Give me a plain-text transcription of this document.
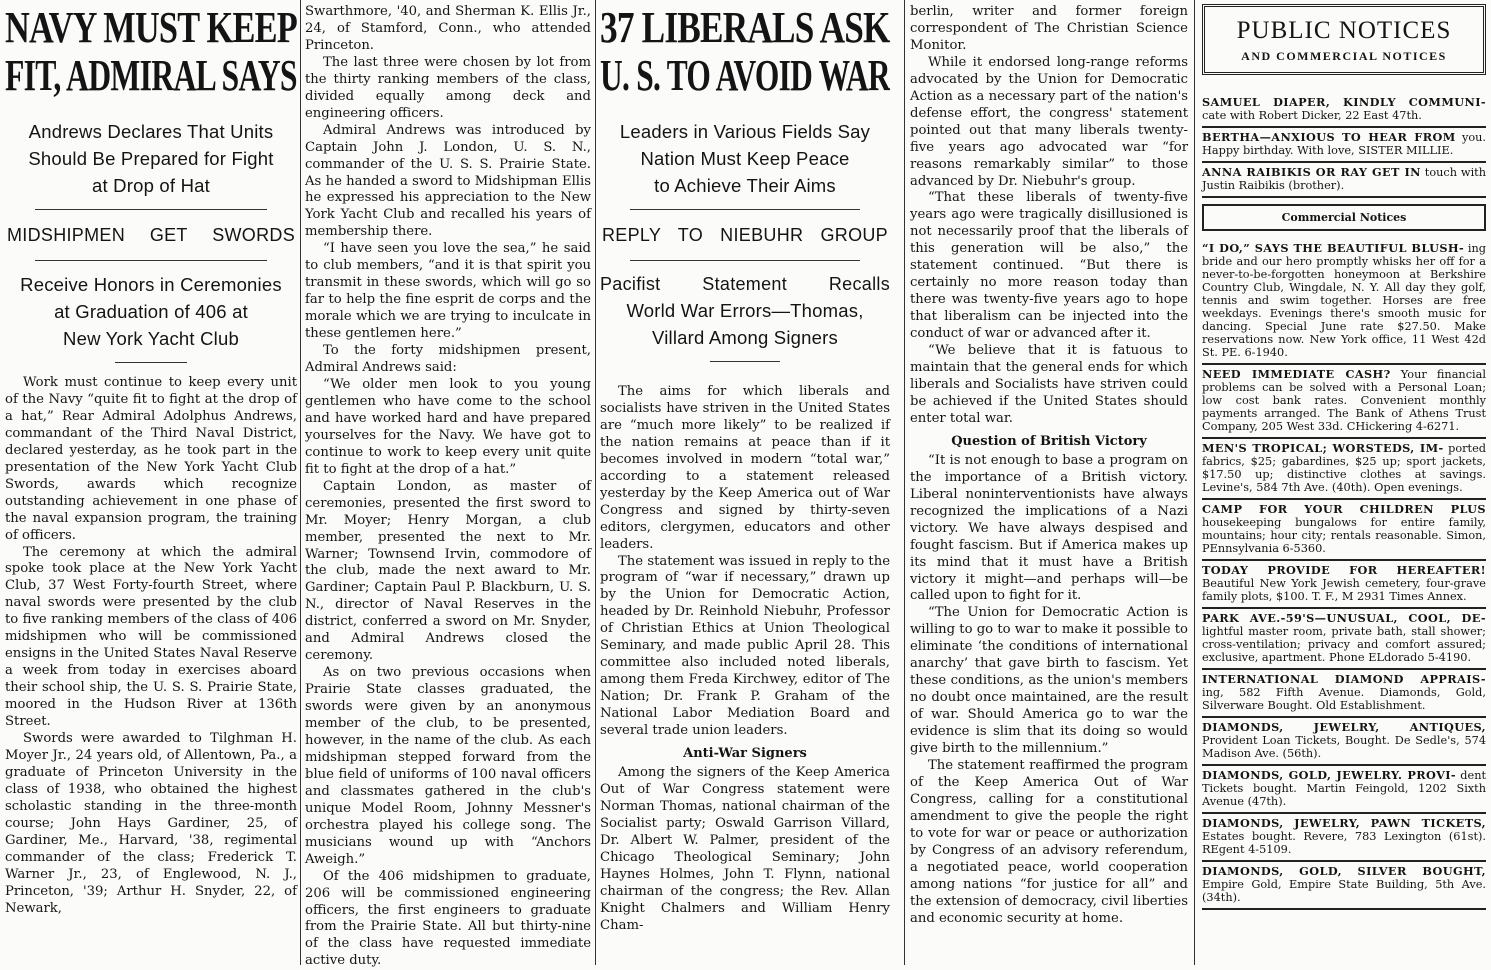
NAVY MUST KEEP
FIT, ADMIRAL SAYS
Andrews Declares That Units
Should Be Prepared for Fight
at Drop of Hat
MIDSHIPMEN GET SWORDS
Receive Honors in Ceremonies
at Graduation of 406 at
New York Yacht Club

Work must continue to keep every unit of the Navy “quite fit to fight at the drop of a hat,” Rear Admiral Adolphus Andrews, commandant of the Third Naval District, declared yesterday, as he took part in the presentation of the New York Yacht Club Swords, awards which recognize outstanding achievement in one phase of the naval expansion program, the training of officers.

The ceremony at which the admiral spoke took place at the New York Yacht Club, 37 West Forty-fourth Street, where naval swords were presented by the club to five ranking members of the class of 406 midshipmen who will be commissioned ensigns in the United States Naval Reserve a week from today in exercises aboard their school ship, the U. S. S. Prairie State, moored in the Hudson River at 136th Street.

Swords were awarded to Tilghman H. Moyer Jr., 24 years old, of Allentown, Pa., a graduate of Princeton University in the class of 1938, who obtained the highest scholastic standing in the three-month course; John Hays Gardiner, 25, of Gardiner, Me., Harvard, '38, regimental commander of the class; Frederick T. Warner Jr., 23, of Englewood, N. J., Princeton, '39; Arthur H. Snyder, 22, of Newark,

Swarthmore, '40, and Sherman K. Ellis Jr., 24, of Stamford, Conn., who attended Princeton.

The last three were chosen by lot from the thirty ranking members of the class, divided equally among deck and engineering officers.

Admiral Andrews was introduced by Captain John J. London, U. S. N., commander of the U. S. S. Prairie State. As he handed a sword to Midshipman Ellis he expressed his appreciation to the New York Yacht Club and recalled his years of membership there.

“I have seen you love the sea,” he said to club members, “and it is that spirit you transmit in these swords, which will go so far to help the fine esprit de corps and the morale which we are trying to inculcate in these gentlemen here.”

To the forty midshipmen present, Admiral Andrews said:

“We older men look to you young gentlemen who have come to the school and have worked hard and have prepared yourselves for the Navy. We have got to continue to work to keep every unit quite fit to fight at the drop of a hat.”

Captain London, as master of ceremonies, presented the first sword to Mr. Moyer; Henry Morgan, a club member, presented the next to Mr. Warner; Townsend Irvin, commodore of the club, made the next award to Mr. Gardiner; Captain Paul P. Blackburn, U. S. N., director of Naval Reserves in the district, conferred a sword on Mr. Snyder, and Admiral Andrews closed the ceremony.

As on two previous occasions when Prairie State classes graduated, the swords were given by an anonymous member of the club, to be presented, however, in the name of the club. As each midshipman stepped forward from the blue field of uniforms of 100 naval officers and classmates gathered in the club's unique Model Room, Johnny Messner's orchestra played his college song. The musicians wound up with “Anchors Aweigh.”

Of the 406 midshipmen to graduate, 206 will be commissioned engineering officers, the first engineers to graduate from the Prairie State. All but thirty-nine of the class have requested immediate active duty.

37 LIBERALS ASK
U. S. TO AVOID WAR
Leaders in Various Fields Say
Nation Must Keep Peace
to Achieve Their Aims
REPLY TO NIEBUHR GROUP
Pacifist Statement Recalls
World War Errors—Thomas,
Villard Among Signers

The aims for which liberals and socialists have striven in the United States are “much more likely” to be realized if the nation remains at peace than if it becomes involved in modern “total war,” according to a statement released yesterday by the Keep America out of War Congress and signed by thirty-seven editors, clergymen, educators and other leaders.

The statement was issued in reply to the program of “war if necessary,” drawn up by the Union for Democratic Action, headed by Dr. Reinhold Niebuhr, Professor of Christian Ethics at Union Theological Seminary, and made public April 28. This committee also included noted liberals, among them Freda Kirchwey, editor of The Nation; Dr. Frank P. Graham of the National Labor Mediation Board and several trade union leaders.

Anti-War Signers

Among the signers of the Keep America Out of War Congress statement were Norman Thomas, national chairman of the Socialist party; Oswald Garrison Villard, Dr. Albert W. Palmer, president of the Chicago Theological Seminary; John Haynes Holmes, John T. Flynn, national chairman of the congress; the Rev. Allan Knight Chalmers and William Henry Cham-

berlin, writer and former foreign correspondent of The Christian Science Monitor.

While it endorsed long-range reforms advocated by the Union for Democratic Action as a necessary part of the nation's defense effort, the congress' statement pointed out that many liberals twenty-five years ago advocated war “for reasons remarkably similar” to those advanced by Dr. Niebuhr's group.

“That these liberals of twenty-five years ago were tragically disillusioned is not necessarily proof that the liberals of this generation will be also,” the statement continued. “But there is certainly no more reason today than there was twenty-five years ago to hope that liberalism can be injected into the conduct of war or advanced after it.

“We believe that it is fatuous to maintain that the general ends for which liberals and Socialists have striven could be achieved if the United States should enter total war.

Question of British Victory

“It is not enough to base a program on the importance of a British victory. Liberal noninterventionists have always recognized the implications of a Nazi victory. We have always despised and fought fascism. But if America makes up its mind that it must have a British victory it might—and perhaps will—be called upon to fight for it.

“The Union for Democratic Action is willing to go to war to make it possible to eliminate ‘the conditions of international anarchy’ that gave birth to fascism. Yet these conditions, as the union's members no doubt once maintained, are the result of war. Should America go to war the evidence is slim that its doing so would give birth to the millennium.”

The statement reaffirmed the program of the Keep America Out of War Congress, calling for a constitutional amendment to give the people the right to vote for war or peace or authorization by Congress of an advisory referendum, a negotiated peace, world cooperation among nations “for justice for all” and the extension of democracy, civil liberties and economic security at home.

PUBLIC NOTICES
AND COMMERCIAL NOTICES
SAMUEL DIAPER, KINDLY COMMUNI- cate with Robert Dicker, 22 East 47th.
BERTHA—ANXIOUS TO HEAR FROM you. Happy birthday. With love, SISTER MILLIE.
ANNA RAIBIKIS OR RAY GET IN touch with Justin Raibikis (brother).
Commercial Notices
“I DO,” SAYS THE BEAUTIFUL BLUSH- ing bride and our hero promptly whisks her off for a never-to-be-forgotten honeymoon at Berkshire Country Club, Wingdale, N. Y. All day they golf, tennis and swim together. Horses are free weekdays. Evenings there's smooth music for dancing. Special June rate $27.50. Make reservations now. New York office, 11 West 42d St. PE. 6-1940.
NEED IMMEDIATE CASH? Your financial problems can be solved with a Personal Loan; low cost bank rates. Convenient monthly payments arranged. The Bank of Athens Trust Company, 205 West 33d. CHickering 4-6271.
MEN'S TROPICAL; WORSTEDS, IM- ported fabrics, $25; gabardines, $25 up; sport jackets, $17.50 up; distinctive clothes at savings. Levine's, 584 7th Ave. (40th). Open evenings.
CAMP FOR YOUR CHILDREN PLUS housekeeping bungalows for entire family, mountains; hour city; rentals reasonable. Simon, PEnnsylvania 6-5360.
TODAY PROVIDE FOR HEREAFTER! Beautiful New York Jewish cemetery, four-grave family plots, $100. T. F., M 2931 Times Annex.
PARK AVE.-59'S—UNUSUAL, COOL, DE- lightful master room, private bath, stall shower; cross-ventilation; privacy and comfort assured; exclusive, apartment. Phone ELdorado 5-4190.
INTERNATIONAL DIAMOND APPRAIS- ing, 582 Fifth Avenue. Diamonds, Gold, Silverware Bought. Old Establishment.
DIAMONDS, JEWELRY, ANTIQUES, Provident Loan Tickets, Bought. De Sedle's, 574 Madison Ave. (56th).
DIAMONDS, GOLD, JEWELRY. PROVI- dent Tickets bought. Martin Feingold, 1202 Sixth Avenue (47th).
DIAMONDS, JEWELRY, PAWN TICKETS, Estates bought. Revere, 783 Lexington (61st). REgent 4-5109.
DIAMONDS, GOLD, SILVER BOUGHT, Empire Gold, Empire State Building, 5th Ave. (34th).
